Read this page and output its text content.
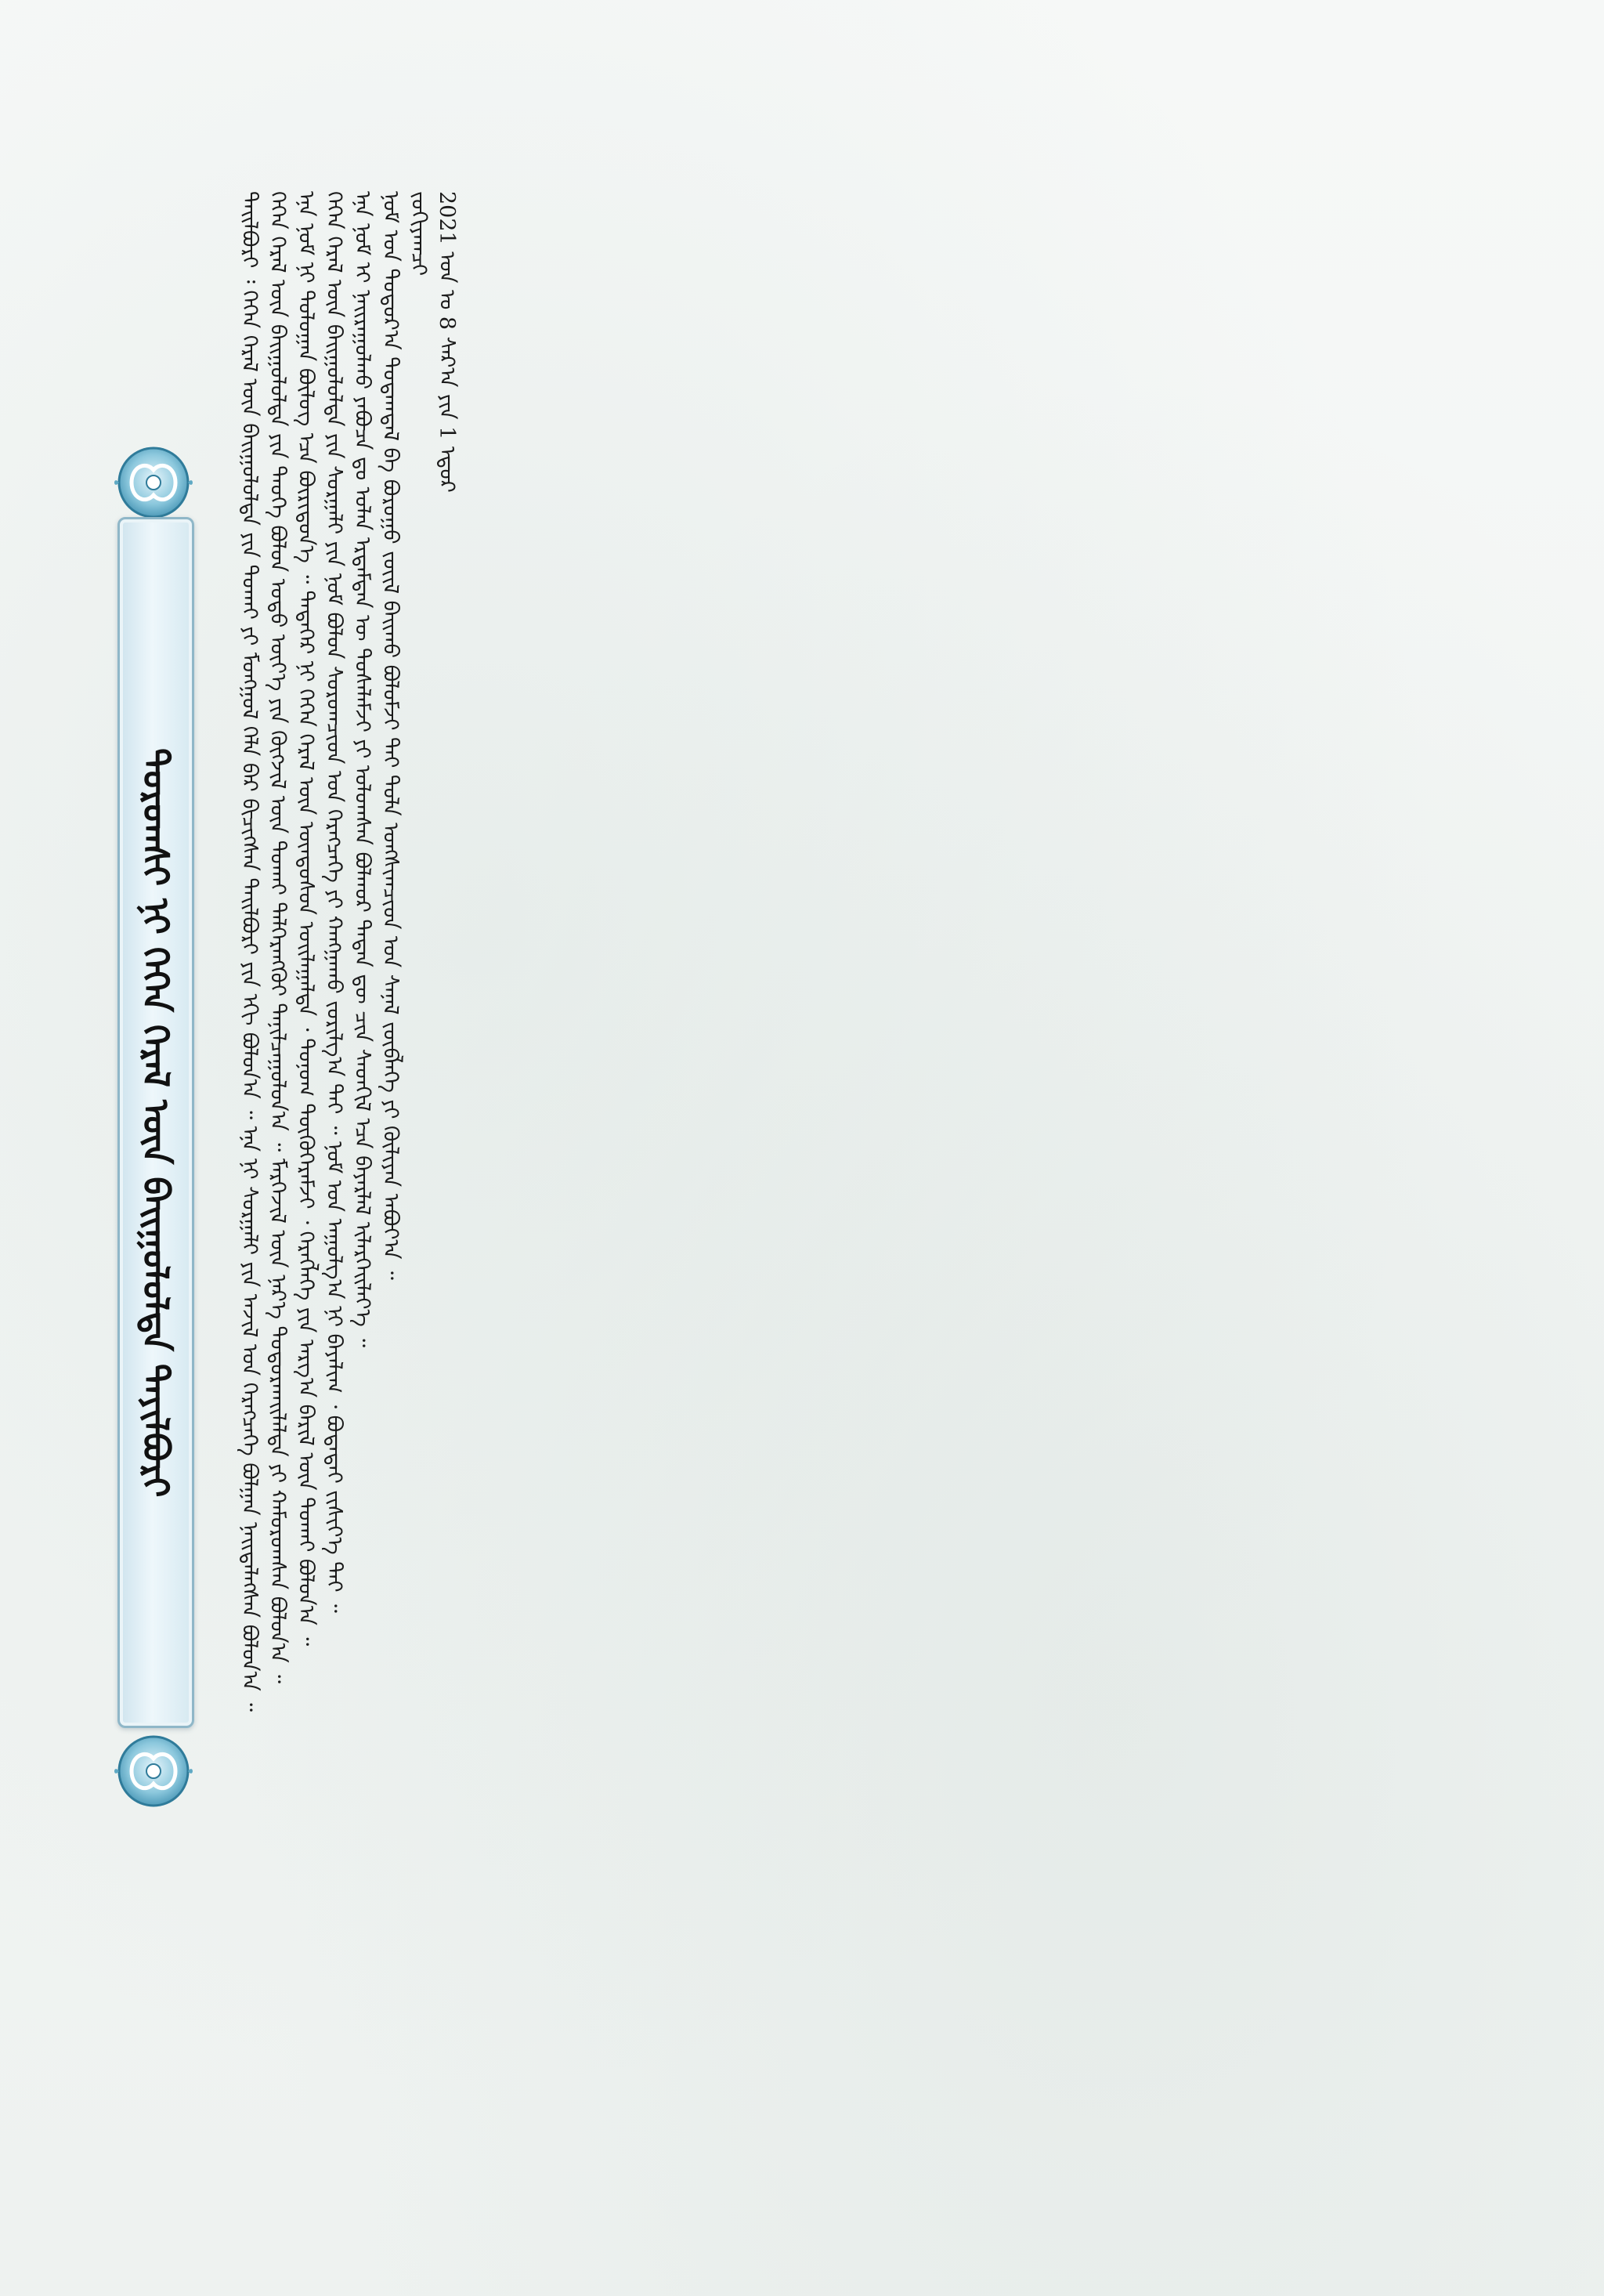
ᠳᠣᠷᠣᠭᠰᠢ ᠨᠢ ᠭᠡᠭᠡᠨ ᠭᠡᠷᠡᠯ ᠦᠨ ᠪᠠᠢᠭᠤᠯᠤᠯᠳᠠ ᠲᠠᠶᠢᠯᠪᠤᠷᠢ	ᠲᠠᠢᠯᠪᠤᠷᠢ ᠄ ᠭᠡᠭᠡᠨ ᠭᠡᠷᠡᠯ ᠦᠨ ᠪᠠᠢᠭᠤᠯᠤᠯᠳᠠ ᠶᠢᠨ ᠲᠤᠬᠠᠢ ᠶᠢ ᠮᠣᠩᠭᠣᠯ ᠬᠡᠯᠡ ᠪᠡᠷ ᠪᠢᠴᠢᠭᠰᠡᠨ ᠲᠠᠢᠯᠪᠤᠷᠢ ᠶᠢᠨ ᠡᠬᠢ ᠪᠣᠯᠤᠨ᠎ᠠ ᠃ ᠡᠨᠡ ᠨᠢ ᠰᠤᠷᠭᠠᠯᠢ ᠶᠢᠨ ᠠᠵᠢᠯ ᠤᠨ ᠬᠡᠷᠡᠭᠴᠡᠭᠡ ᠪᠣᠯᠭᠠᠨ ᠨᠡᠢᠲᠡᠯᠡᠭᠰᠡᠨ ᠪᠣᠯᠤᠨ᠎ᠠ ᠃ ᠭᠡᠭᠡᠨ ᠭᠡᠷᠡᠯ ᠦᠨ ᠪᠠᠢᠭᠤᠯᠤᠯᠳᠠ ᠶᠢᠨ ᠲᠡᠦᠬᠡ ᠪᠣᠯᠤᠨ ᠣᠳᠣ ᠦᠶ᠎ᠡ ᠶᠢᠨ ᠬᠥᠭᠵᠢᠯ ᠦᠨ ᠲᠤᠬᠠᠢ ᠳᠡᠯᠭᠡᠷᠡᠩᠭᠦᠢ ᠲᠠᠨᠢᠯᠴᠠᠭᠤᠯᠤᠨ᠎ᠠ ᠃ ᠮᠡᠷᠭᠡᠵᠢᠯ ᠦᠨ ᠨᠡᠷ᠎ᠡ ᠲᠣᠳᠣᠷᠬᠠᠢᠯᠠᠯᠳᠠ ᠶᠢ ᠬᠠᠮᠤᠷᠤᠭᠰᠠᠨ ᠪᠣᠯᠤᠨ᠎ᠠ ᠃ ᠡᠨᠡ ᠨᠣᠮ ᠨᠢ ᠳᠣᠯᠣᠭᠠᠨ ᠪᠦᠯᠦᠭ ᠡᠴᠡ ᠪᠦᠷᠢᠳᠦᠨ᠎ᠡ ᠃ ᠲᠡᠳᠡᠭᠡᠷ ᠨᠢ ᠭᠡᠭᠡᠨ ᠭᠡᠷᠡᠯ ᠦᠨ ᠦᠨᠳᠦᠰᠦᠨ ᠣᠢᠯᠠᠭᠠᠯᠲᠠ ᠂ ᠲᠣᠨᠣᠭ ᠲᠦᠬᠦᠬᠡᠷᠡᠮᠵᠢ ᠂ ᠬᠡᠷᠡᠭᠯᠡᠭᠡ ᠶᠢᠨ ᠠᠷᠭ᠎ᠠ ᠪᠠᠷᠢᠯ ᠦᠨ ᠲᠤᠬᠠᠢ ᠪᠣᠯᠤᠨ᠎ᠠ ᠃ ᠭᠡᠭᠡᠨ ᠭᠡᠷᠡᠯ ᠦᠨ ᠪᠠᠢᠭᠤᠯᠤᠯᠳᠠ ᠶᠢᠨ ᠰᠤᠷᠭᠠᠯᠢ ᠶᠢᠨ ᠨᠣᠮ ᠪᠣᠯᠤᠨ ᠰᠤᠷᠤᠭᠴᠢᠳ ᠤᠨ ᠬᠡᠷᠡᠭᠴᠡᠭᠡ ᠶᠢ ᠬᠠᠩᠭᠠᠬᠤ ᠵᠣᠷᠢᠯᠭ᠎ᠠ ᠲᠠᠢ ᠃ ᠨᠣᠮ ᠤᠨ ᠠᠭᠤᠯᠭ᠎ᠠ ᠨᠢ ᠪᠠᠶᠠᠯᠢᠭ ᠂ ᠪᠣᠳᠠᠳᠠᠢ ᠵᠢᠱᠢᠶ᠎ᠡ ᠲᠠᠢ ᠃ ᠡᠨᠡ ᠨᠣᠮ ᠢ ᠨᠠᠢᠷᠠᠭᠤᠯᠬᠤ ᠶᠠᠪᠤᠴᠠ ᠳᠤ ᠣᠯᠠᠨ ᠡᠷᠳᠡᠮᠲᠡᠨ ᠦ ᠲᠤᠰᠠᠯᠠᠮᠵᠢ ᠶᠢ ᠣᠯᠤᠭᠰᠠᠨ ᠪᠣᠯᠬᠣᠷ ᠲᠡᠳᠡᠨ ᠳᠦ ᠴᠢᠨ ᠰᠡᠳᠬᠢᠯ ᠡᠴᠡ ᠪᠠᠶᠠᠷᠯᠠᠯ ᠢᠯᠡᠷᠬᠡᠢᠯᠡᠶ᠎ᠡ ᠃ ᠨᠣᠮ ᠤᠨ ᠳᠣᠲᠣᠷ᠎ᠠ ᠳᠤᠲᠠᠭᠳᠠᠯ ᠪᠠ ᠪᠤᠷᠤᠭᠤ ᠵᠦᠢᠯ ᠪᠠᠢᠬᠤ ᠪᠣᠯᠤᠮᠵᠢ ᠲᠠᠢ ᠲᠤᠯᠠ ᠤᠩᠰᠢᠭᠴᠢᠳ ᠤᠨ ᠰᠠᠨᠠᠯ ᠵᠥᠪᠯᠡᠭᠡ ᠶᠢ ᠬᠦᠯᠢᠶᠡᠨ ᠠᠪᠤᠶ᠎ᠠ ᠃ ᠵᠣᠬᠢᠶᠠᠭᠴᠢ 2021 ᠣᠨ ᠤ 8 ᠰᠠᠷ᠎ᠠ ᠶᠢᠨ 1 ᠡᠳᠦᠷ
